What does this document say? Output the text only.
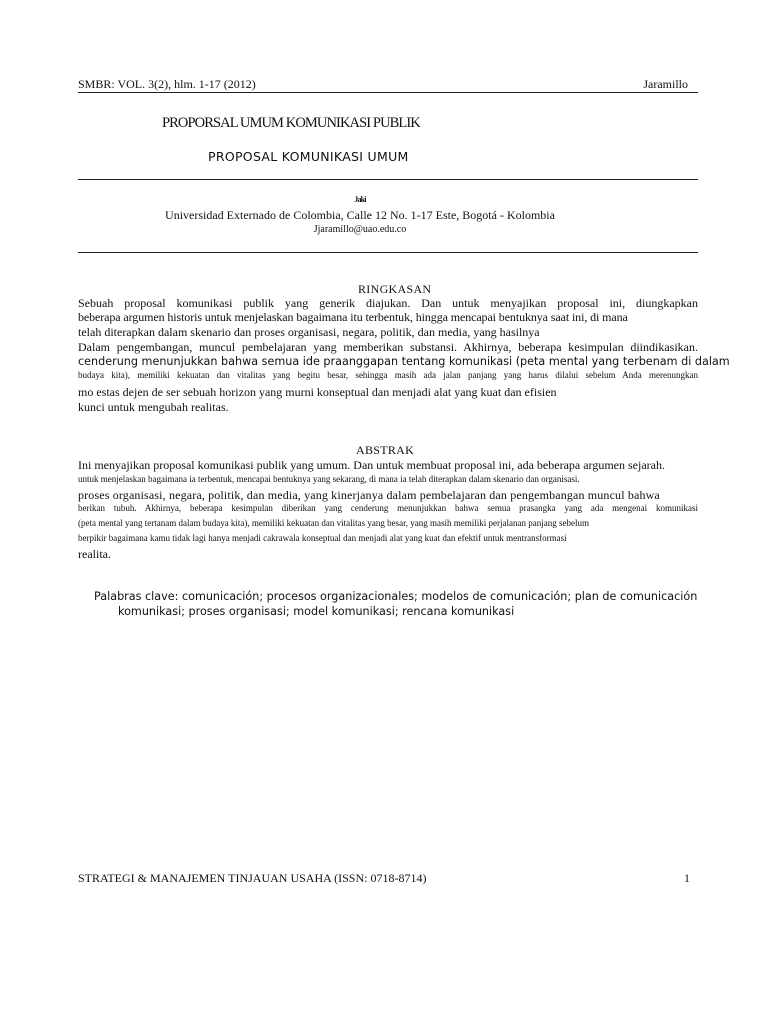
SMBR: VOL. 3(2), hlm. 1-17 (2012)	Jaramillo
PROPORSAL UMUM KOMUNIKASI PUBLIK
PROPOSAL KOMUNIKASI UMUM
Jaki
Universidad Externado de Colombia, Calle 12 No. 1-17 Este, Bogotá - Kolombia
Jjaramillo@uao.edu.co
RINGKASAN
Sebuah proposal komunikasi publik yang generik diajukan. Dan untuk menyajikan proposal ini, diungkapkan
beberapa argumen historis untuk menjelaskan bagaimana itu terbentuk, hingga mencapai bentuknya saat ini, di mana
telah diterapkan dalam skenario dan proses organisasi, negara, politik, dan media, yang hasilnya
Dalam pengembangan, muncul pembelajaran yang memberikan substansi. Akhirnya, beberapa kesimpulan diindikasikan.
cenderung menunjukkan bahwa semua ide praanggapan tentang komunikasi (peta mental yang terbenam di dalam
budaya kita), memiliki kekuatan dan vitalitas yang begitu besar, sehingga masih ada jalan panjang yang harus dilalui sebelum Anda merenungkan
mo estas dejen de ser sebuah horizon yang murni konseptual dan menjadi alat yang kuat dan efisien
kunci untuk mengubah realitas.
ABSTRAK
Ini menyajikan proposal komunikasi publik yang umum. Dan untuk membuat proposal ini, ada beberapa argumen sejarah.
untuk menjelaskan bagaimana ia terbentuk, mencapai bentuknya yang sekarang, di mana ia telah diterapkan dalam skenario dan organisasi.
proses organisasi, negara, politik, dan media, yang kinerjanya dalam pembelajaran dan pengembangan muncul bahwa
berikan tubuh. Akhirnya, beberapa kesimpulan diberikan yang cenderung menunjukkan bahwa semua prasangka yang ada mengenai komunikasi
(peta mental yang tertanam dalam budaya kita), memiliki kekuatan dan vitalitas yang besar, yang masih memiliki perjalanan panjang sebelum
berpikir bagaimana kamu tidak lagi hanya menjadi cakrawala konseptual dan menjadi alat yang kuat dan efektif untuk mentransformasi
realita.
Palabras clave: comunicación; procesos organizacionales; modelos de comunicación; plan de comunicación
komunikasi; proses organisasi; model komunikasi; rencana komunikasi
STRATEGI & MANAJEMEN TINJAUAN USAHA (ISSN: 0718-8714)	1
